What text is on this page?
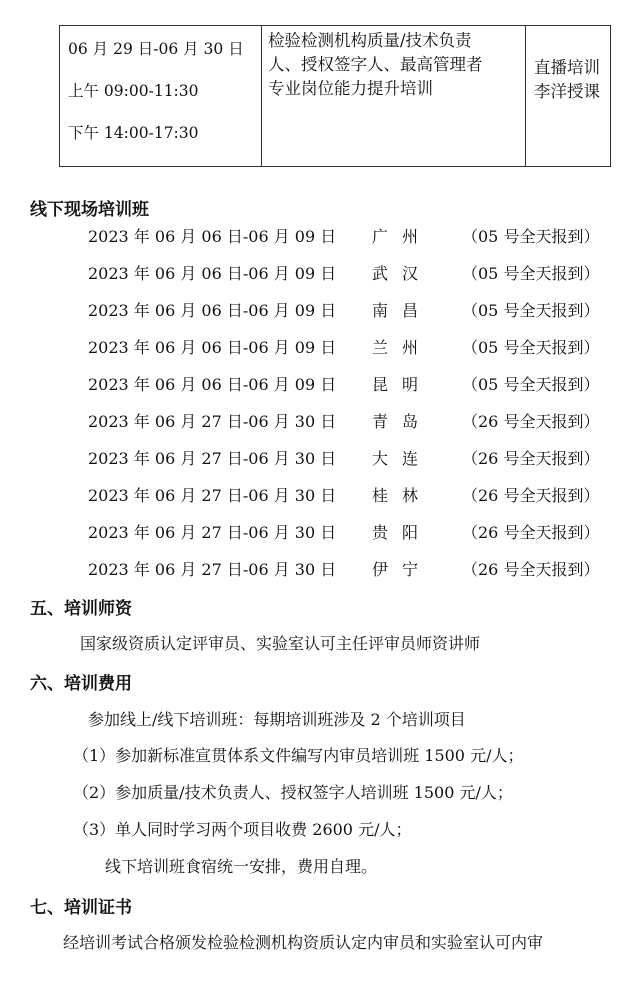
06 月 29 日-06 月 30 日
上午 09:00-11:30
下午 14:00-17:30

检验检测机构质量/技术负责
人、授权签字人、最高管理者
专业岗位能力提升培训

直播培训
李洋授课
线下现场培训班
2023 年 06 月 06 日-06 月 09 日 广州 （05 号全天报到）
2023 年 06 月 06 日-06 月 09 日 武汉 （05 号全天报到）
2023 年 06 月 06 日-06 月 09 日 南昌 （05 号全天报到）
2023 年 06 月 06 日-06 月 09 日 兰州 （05 号全天报到）
2023 年 06 月 06 日-06 月 09 日 昆明 （05 号全天报到）
2023 年 06 月 27 日-06 月 30 日 青岛 （26 号全天报到）
2023 年 06 月 27 日-06 月 30 日 大连 （26 号全天报到）
2023 年 06 月 27 日-06 月 30 日 桂林 （26 号全天报到）
2023 年 06 月 27 日-06 月 30 日 贵阳 （26 号全天报到）
2023 年 06 月 27 日-06 月 30 日 伊宁 （26 号全天报到）
五、培训师资
国家级资质认定评审员、实验室认可主任评审员师资讲师
六、培训费用
参加线上/线下培训班：每期培训班涉及 2 个培训项目
（1）参加新标准宣贯体系文件编写内审员培训班 1500 元/人；
（2）参加质量/技术负责人、授权签字人培训班 1500 元/人；
（3）单人同时学习两个项目收费 2600 元/人；
线下培训班食宿统一安排，费用自理。
七、培训证书
经培训考试合格颁发检验检测机构资质认定内审员和实验室认可内审
